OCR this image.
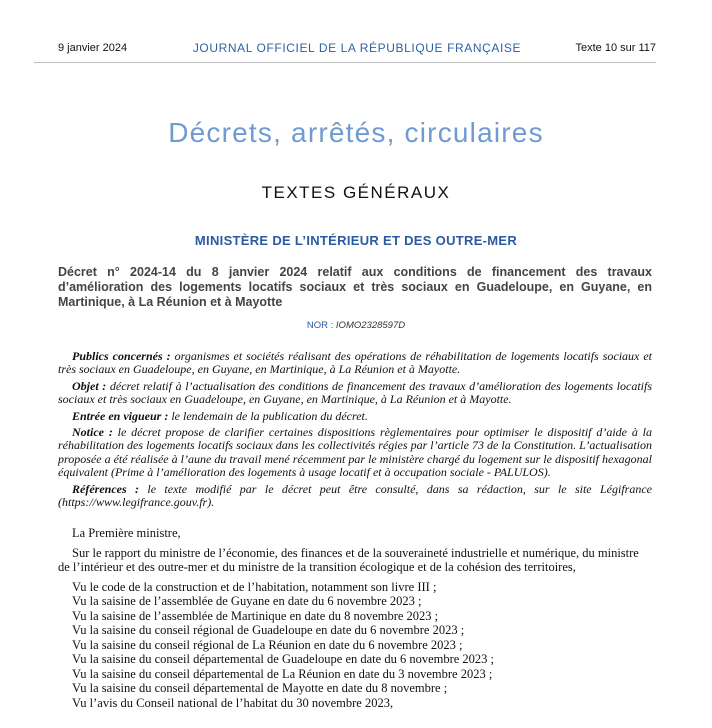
9 janvier 2024	JOURNAL OFFICIEL DE LA RÉPUBLIQUE FRANÇAISE	Texte 10 sur 117
Décrets, arrêtés, circulaires
TEXTES GÉNÉRAUX
MINISTÈRE DE L’INTÉRIEUR ET DES OUTRE-MER
Décret n° 2024-14 du 8 janvier 2024 relatif aux conditions de financement des travaux d’amélioration des logements locatifs sociaux et très sociaux en Guadeloupe, en Guyane, en Martinique, à La Réunion et à Mayotte
NOR : IOMO2328597D

Publics concernés : organismes et sociétés réalisant des opérations de réhabilitation de logements locatifs sociaux et très sociaux en Guadeloupe, en Guyane, en Martinique, à La Réunion et à Mayotte.

Objet : décret relatif à l’actualisation des conditions de financement des travaux d’amélioration des logements locatifs sociaux et très sociaux en Guadeloupe, en Guyane, en Martinique, à La Réunion et à Mayotte.

Entrée en vigueur : le lendemain de la publication du décret.

Notice : le décret propose de clarifier certaines dispositions règlementaires pour optimiser le dispositif d’aide à la réhabilitation des logements locatifs sociaux dans les collectivités régies par l’article 73 de la Constitution. L’actualisation proposée a été réalisée à l’aune du travail mené récemment par le ministère chargé du logement sur le dispositif hexagonal équivalent (Prime à l’amélioration des logements à usage locatif et à occupation sociale - PALULOS).

Références : le texte modifié par le décret peut être consulté, dans sa rédaction, sur le site Légifrance (https://www.legifrance.gouv.fr).

La Première ministre,

Sur le rapport du ministre de l’économie, des finances et de la souveraineté industrielle et numérique, du ministre de l’intérieur et des outre-mer et du ministre de la transition écologique et de la cohésion des territoires,

Vu le code de la construction et de l’habitation, notamment son livre III ;

Vu la saisine de l’assemblée de Guyane en date du 6 novembre 2023 ;

Vu la saisine de l’assemblée de Martinique en date du 8 novembre 2023 ;

Vu la saisine du conseil régional de Guadeloupe en date du 6 novembre 2023 ;

Vu la saisine du conseil régional de La Réunion en date du 6 novembre 2023 ;

Vu la saisine du conseil départemental de Guadeloupe en date du 6 novembre 2023 ;

Vu la saisine du conseil départemental de La Réunion en date du 3 novembre 2023 ;

Vu la saisine du conseil départemental de Mayotte en date du 8 novembre ;

Vu l’avis du Conseil national de l’habitat du 30 novembre 2023,
